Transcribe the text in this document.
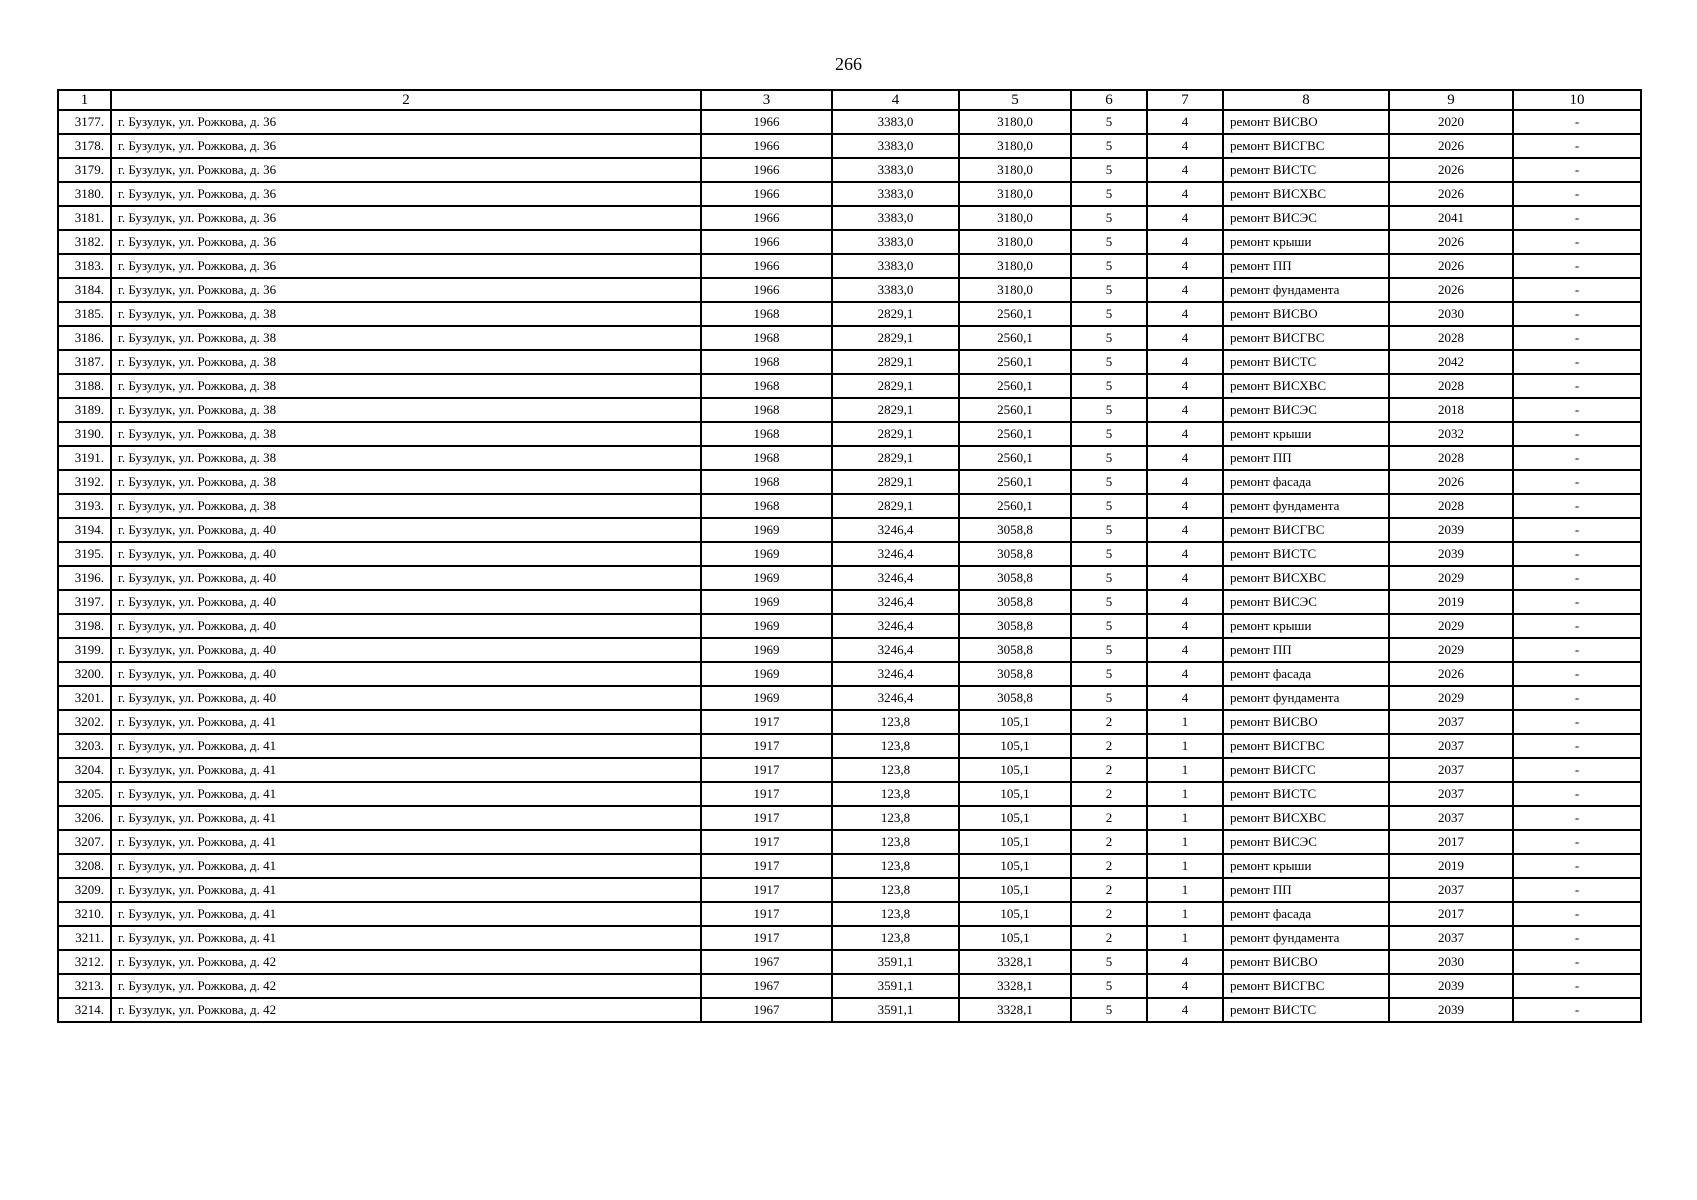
266
1	2	3	4	5	6	7	8	9	10
3177.	г. Бузулук, ул. Рожкова, д. 36	1966	3383,0	3180,0	5	4	ремонт ВИСВО	2020	-
3178.	г. Бузулук, ул. Рожкова, д. 36	1966	3383,0	3180,0	5	4	ремонт ВИСГВС	2026	-
3179.	г. Бузулук, ул. Рожкова, д. 36	1966	3383,0	3180,0	5	4	ремонт ВИСТС	2026	-
3180.	г. Бузулук, ул. Рожкова, д. 36	1966	3383,0	3180,0	5	4	ремонт ВИСХВС	2026	-
3181.	г. Бузулук, ул. Рожкова, д. 36	1966	3383,0	3180,0	5	4	ремонт ВИСЭС	2041	-
3182.	г. Бузулук, ул. Рожкова, д. 36	1966	3383,0	3180,0	5	4	ремонт крыши	2026	-
3183.	г. Бузулук, ул. Рожкова, д. 36	1966	3383,0	3180,0	5	4	ремонт ПП	2026	-
3184.	г. Бузулук, ул. Рожкова, д. 36	1966	3383,0	3180,0	5	4	ремонт фундамента	2026	-
3185.	г. Бузулук, ул. Рожкова, д. 38	1968	2829,1	2560,1	5	4	ремонт ВИСВО	2030	-
3186.	г. Бузулук, ул. Рожкова, д. 38	1968	2829,1	2560,1	5	4	ремонт ВИСГВС	2028	-
3187.	г. Бузулук, ул. Рожкова, д. 38	1968	2829,1	2560,1	5	4	ремонт ВИСТС	2042	-
3188.	г. Бузулук, ул. Рожкова, д. 38	1968	2829,1	2560,1	5	4	ремонт ВИСХВС	2028	-
3189.	г. Бузулук, ул. Рожкова, д. 38	1968	2829,1	2560,1	5	4	ремонт ВИСЭС	2018	-
3190.	г. Бузулук, ул. Рожкова, д. 38	1968	2829,1	2560,1	5	4	ремонт крыши	2032	-
3191.	г. Бузулук, ул. Рожкова, д. 38	1968	2829,1	2560,1	5	4	ремонт ПП	2028	-
3192.	г. Бузулук, ул. Рожкова, д. 38	1968	2829,1	2560,1	5	4	ремонт фасада	2026	-
3193.	г. Бузулук, ул. Рожкова, д. 38	1968	2829,1	2560,1	5	4	ремонт фундамента	2028	-
3194.	г. Бузулук, ул. Рожкова, д. 40	1969	3246,4	3058,8	5	4	ремонт ВИСГВС	2039	-
3195.	г. Бузулук, ул. Рожкова, д. 40	1969	3246,4	3058,8	5	4	ремонт ВИСТС	2039	-
3196.	г. Бузулук, ул. Рожкова, д. 40	1969	3246,4	3058,8	5	4	ремонт ВИСХВС	2029	-
3197.	г. Бузулук, ул. Рожкова, д. 40	1969	3246,4	3058,8	5	4	ремонт ВИСЭС	2019	-
3198.	г. Бузулук, ул. Рожкова, д. 40	1969	3246,4	3058,8	5	4	ремонт крыши	2029	-
3199.	г. Бузулук, ул. Рожкова, д. 40	1969	3246,4	3058,8	5	4	ремонт ПП	2029	-
3200.	г. Бузулук, ул. Рожкова, д. 40	1969	3246,4	3058,8	5	4	ремонт фасада	2026	-
3201.	г. Бузулук, ул. Рожкова, д. 40	1969	3246,4	3058,8	5	4	ремонт фундамента	2029	-
3202.	г. Бузулук, ул. Рожкова, д. 41	1917	123,8	105,1	2	1	ремонт ВИСВО	2037	-
3203.	г. Бузулук, ул. Рожкова, д. 41	1917	123,8	105,1	2	1	ремонт ВИСГВС	2037	-
3204.	г. Бузулук, ул. Рожкова, д. 41	1917	123,8	105,1	2	1	ремонт ВИСГС	2037	-
3205.	г. Бузулук, ул. Рожкова, д. 41	1917	123,8	105,1	2	1	ремонт ВИСТС	2037	-
3206.	г. Бузулук, ул. Рожкова, д. 41	1917	123,8	105,1	2	1	ремонт ВИСХВС	2037	-
3207.	г. Бузулук, ул. Рожкова, д. 41	1917	123,8	105,1	2	1	ремонт ВИСЭС	2017	-
3208.	г. Бузулук, ул. Рожкова, д. 41	1917	123,8	105,1	2	1	ремонт крыши	2019	-
3209.	г. Бузулук, ул. Рожкова, д. 41	1917	123,8	105,1	2	1	ремонт ПП	2037	-
3210.	г. Бузулук, ул. Рожкова, д. 41	1917	123,8	105,1	2	1	ремонт фасада	2017	-
3211.	г. Бузулук, ул. Рожкова, д. 41	1917	123,8	105,1	2	1	ремонт фундамента	2037	-
3212.	г. Бузулук, ул. Рожкова, д. 42	1967	3591,1	3328,1	5	4	ремонт ВИСВО	2030	-
3213.	г. Бузулук, ул. Рожкова, д. 42	1967	3591,1	3328,1	5	4	ремонт ВИСГВС	2039	-
3214.	г. Бузулук, ул. Рожкова, д. 42	1967	3591,1	3328,1	5	4	ремонт ВИСТС	2039	-
